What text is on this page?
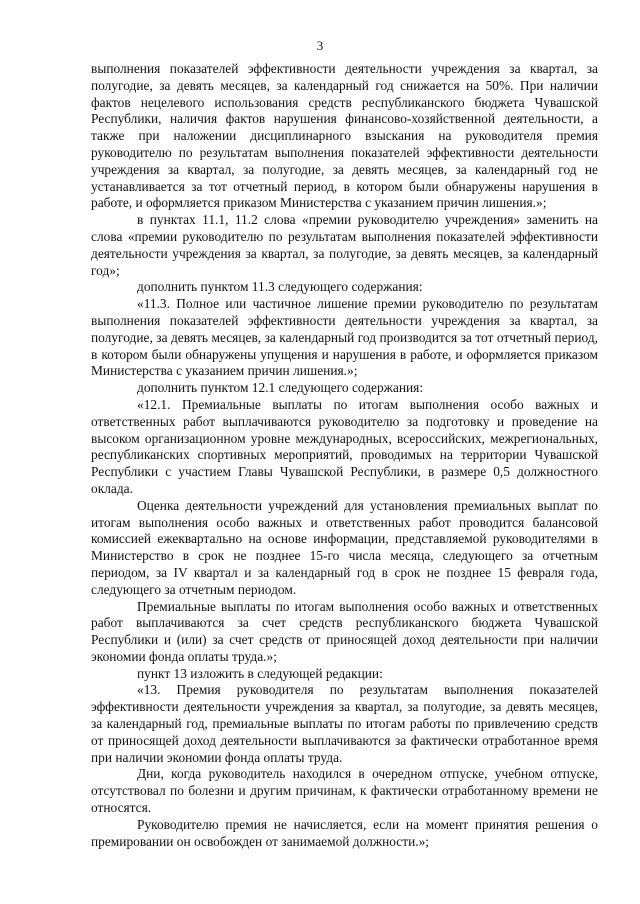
3

выполнения показателей эффективности деятельности учреждения за квартал, за полугодие, за девять месяцев, за календарный год снижается на 50%. При наличии фактов нецелевого использования средств республиканского бюджета Чувашской Республики, наличия фактов нарушения финансово-хозяйственной деятельности, а также при наложении дисциплинарного взыскания на руководителя премия руководителю по результатам выполнения показателей эффективности деятельности учреждения за квартал, за полугодие, за девять месяцев, за календарный год не устанавливается за тот отчетный период, в котором были обнаружены нарушения в работе, и оформляется приказом Министерства с указанием причин лишения.»;

в пунктах 11.1, 11.2 слова «премии руководителю учреждения» заменить на слова «премии руководителю по результатам выполнения показателей эффективности деятельности учреждения за квартал, за полугодие, за девять месяцев, за календарный год»;

дополнить пунктом 11.3 следующего содержания:

«11.3. Полное или частичное лишение премии руководителю по результатам выполнения показателей эффективности деятельности учреждения за квартал, за полугодие, за девять месяцев, за календарный год производится за тот отчетный период, в котором были обнаружены упущения и нарушения в работе, и оформляется приказом Министерства с указанием причин лишения.»;

дополнить пунктом 12.1 следующего содержания:

«12.1. Премиальные выплаты по итогам выполнения особо важных и ответственных работ выплачиваются руководителю за подготовку и проведение на высоком организационном уровне международных, всероссийских, межрегиональных, республиканских спортивных мероприятий, проводимых на территории Чувашской Республики с участием Главы Чувашской Республики, в размере 0,5 должностного оклада.

Оценка деятельности учреждений для установления премиальных выплат по итогам выполнения особо важных и ответственных работ проводится балансовой комиссией ежеквартально на основе информации, представляемой руководителями в Министерство в срок не позднее 15-го числа месяца, следующего за отчетным периодом, за IV квартал и за календарный год в срок не позднее 15 февраля года, следующего за отчетным периодом.

Премиальные выплаты по итогам выполнения особо важных и ответственных работ выплачиваются за счет средств республиканского бюджета Чувашской Республики и (или) за счет средств от приносящей доход деятельности при наличии экономии фонда оплаты труда.»;

пункт 13 изложить в следующей редакции:

«13. Премия руководителя по результатам выполнения показателей эффективности деятельности учреждения за квартал, за полугодие, за девять месяцев, за календарный год, премиальные выплаты по итогам работы по привлечению средств от приносящей доход деятельности выплачиваются за фактически отработанное время при наличии экономии фонда оплаты труда.

Дни, когда руководитель находился в очередном отпуске, учебном отпуске, отсутствовал по болезни и другим причинам, к фактически отработанному времени не относятся.

Руководителю премия не начисляется, если на момент принятия решения о премировании он освобожден от занимаемой должности.»;
